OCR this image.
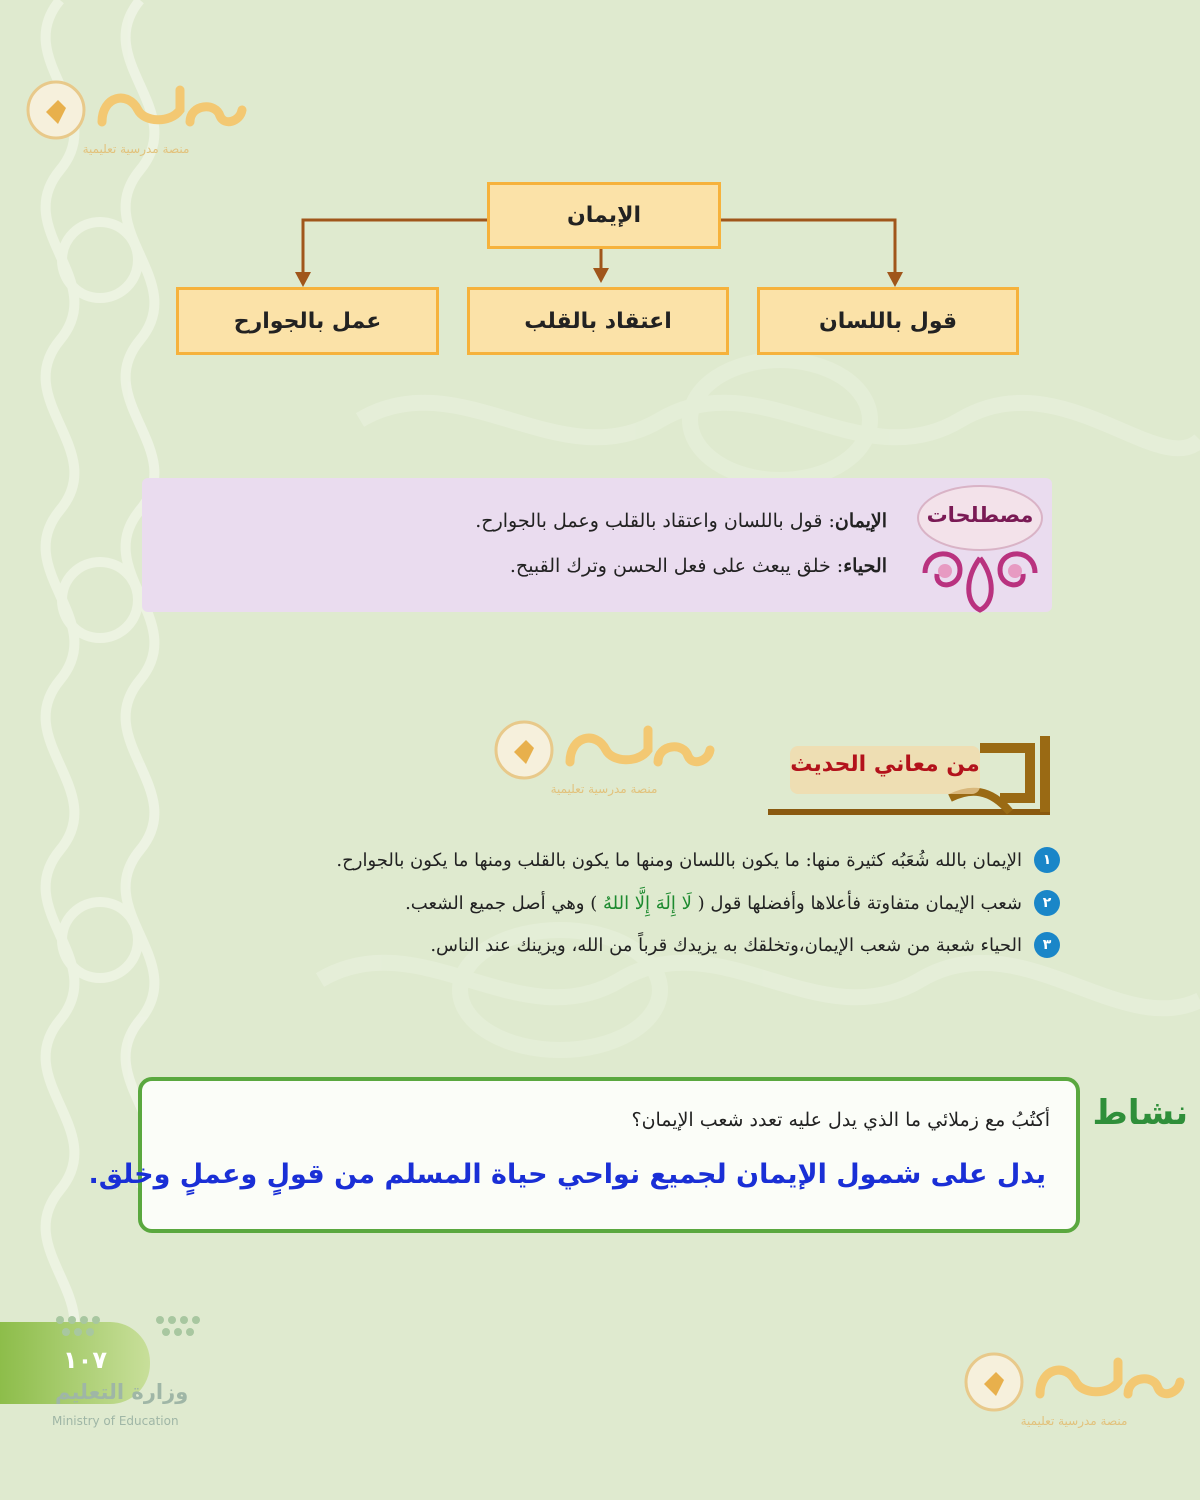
منصة مدرسية تعليمية
الإيمان
قول باللسان
اعتقاد بالقلب
عمل بالجوارح
مصطلحات
الإيمان: قول باللسان واعتقاد بالقلب وعمل بالجوارح.
الحياء: خلق يبعث على فعل الحسن وترك القبيح.
منصة مدرسية تعليمية
من معاني الحديث
١
الإيمان بالله شُعَبُه كثيرة منها: ما يكون باللسان ومنها ما يكون بالقلب ومنها ما يكون بالجوارح.
٢
شعب الإيمان متفاوتة فأعلاها وأفضلها قول ( لَا إِلَهَ إِلَّا اللهُ ) وهي أصل جميع الشعب.
٣
الحياء شعبة من شعب الإيمان،وتخلقك به يزيدك قرباً من الله، ويزينك عند الناس.
نشاط
أكتُبُ مع زملائي ما الذي يدل عليه تعدد شعب الإيمان؟
يدل على شمول الإيمان لجميع نواحي حياة المسلم من قولٍ وعملٍ وخلق.
١٠٧
وزارة التعليم
Ministry of Education	منصة مدرسية تعليمية
